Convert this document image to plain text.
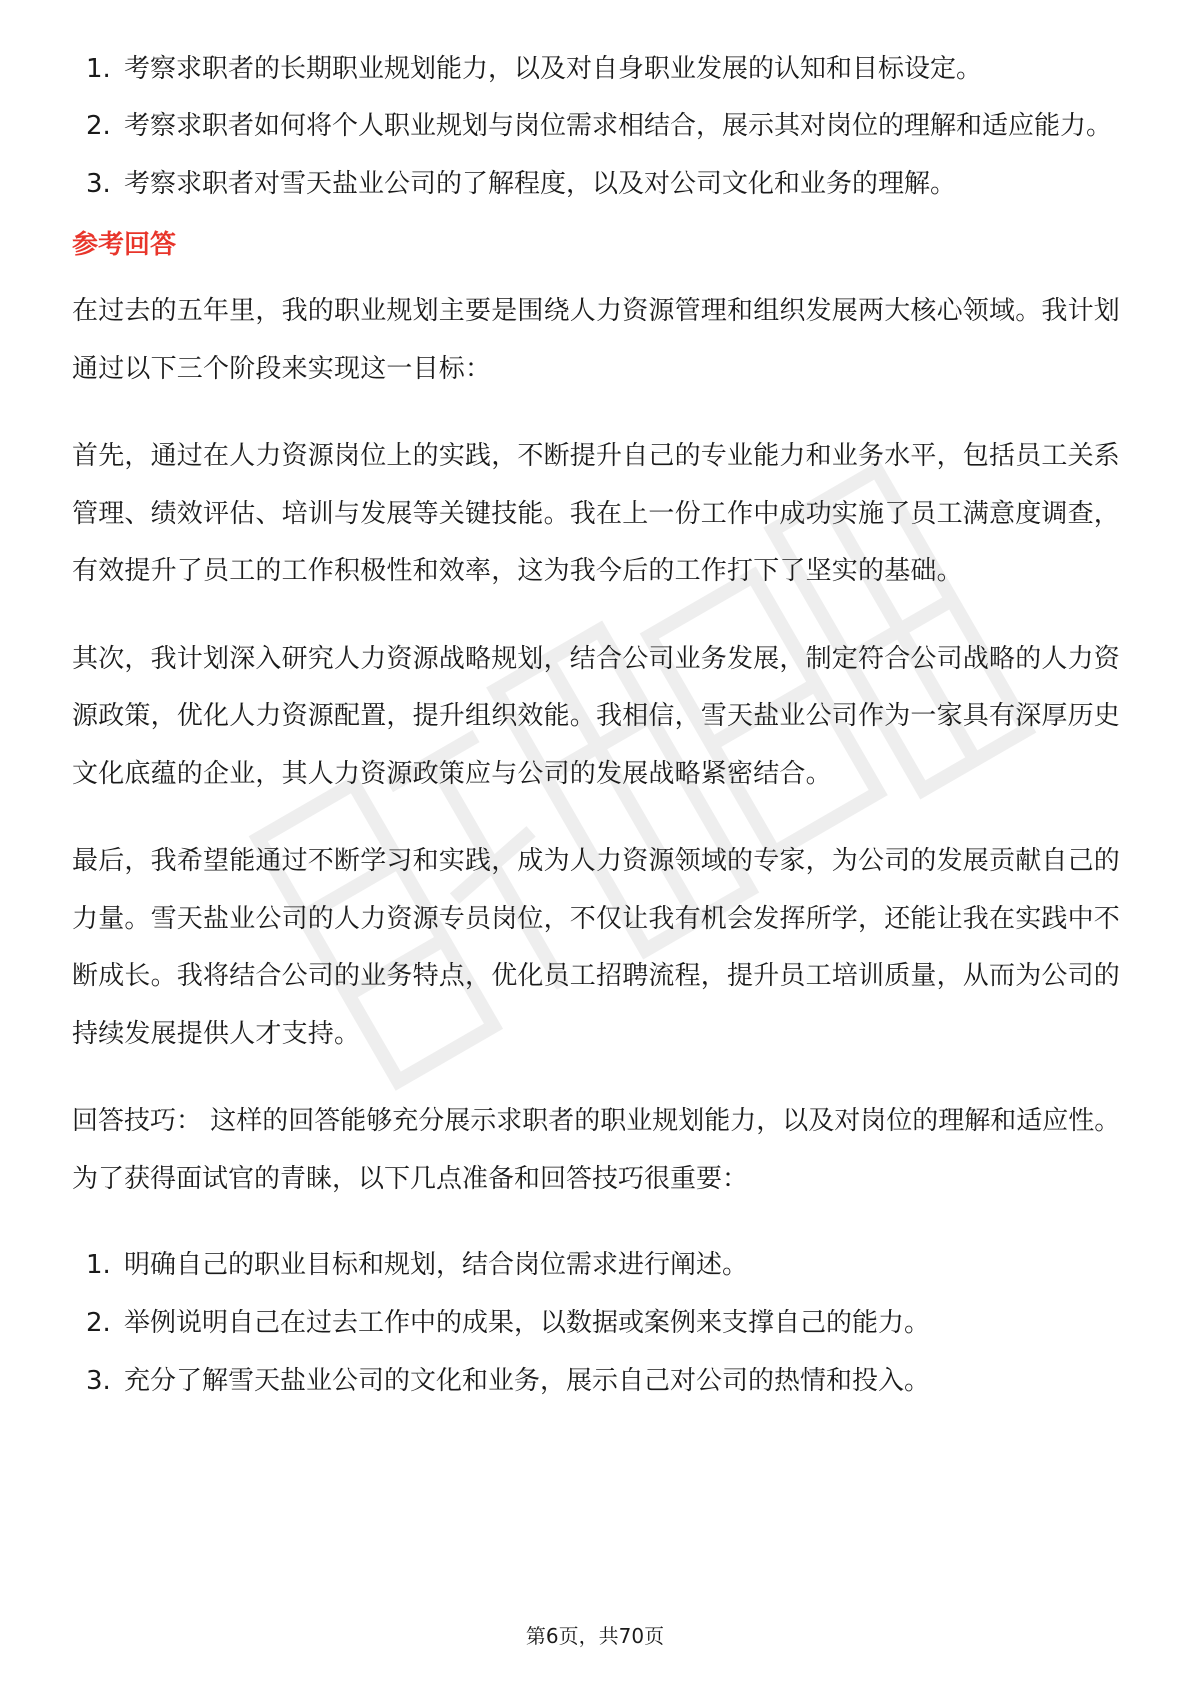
1. 考察求职者的长期职业规划能力，以及对自身职业发展的认知和目标设定。
2. 考察求职者如何将个人职业规划与岗位需求相结合，展示其对岗位的理解和适应能力。
3. 考察求职者对雪天盐业公司的了解程度，以及对公司文化和业务的理解。
参考回答

在过去的五年里，我的职业规划主要是围绕人力资源管理和组织发展两大核心领域。我计划通过以下三个阶段来实现这一目标：

首先，通过在人力资源岗位上的实践，不断提升自己的专业能力和业务水平，包括员工关系管理、绩效评估、培训与发展等关键技能。我在上一份工作中成功实施了员工满意度调查，有效提升了员工的工作积极性和效率，这为我今后的工作打下了坚实的基础。

其次，我计划深入研究人力资源战略规划，结合公司业务发展，制定符合公司战略的人力资源政策，优化人力资源配置，提升组织效能。我相信，雪天盐业公司作为一家具有深厚历史文化底蕴的企业，其人力资源政策应与公司的发展战略紧密结合。

最后，我希望能通过不断学习和实践，成为人力资源领域的专家，为公司的发展贡献自己的力量。雪天盐业公司的人力资源专员岗位，不仅让我有机会发挥所学，还能让我在实践中不断成长。我将结合公司的业务特点，优化员工招聘流程，提升员工培训质量，从而为公司的持续发展提供人才支持。

回答技巧： 这样的回答能够充分展示求职者的职业规划能力，以及对岗位的理解和适应性。为了获得面试官的青睐，以下几点准备和回答技巧很重要：

1. 明确自己的职业目标和规划，结合岗位需求进行阐述。
2. 举例说明自己在过去工作中的成果，以数据或案例来支撑自己的能力。
3. 充分了解雪天盐业公司的文化和业务，展示自己对公司的热情和投入。
第6页，共70页
